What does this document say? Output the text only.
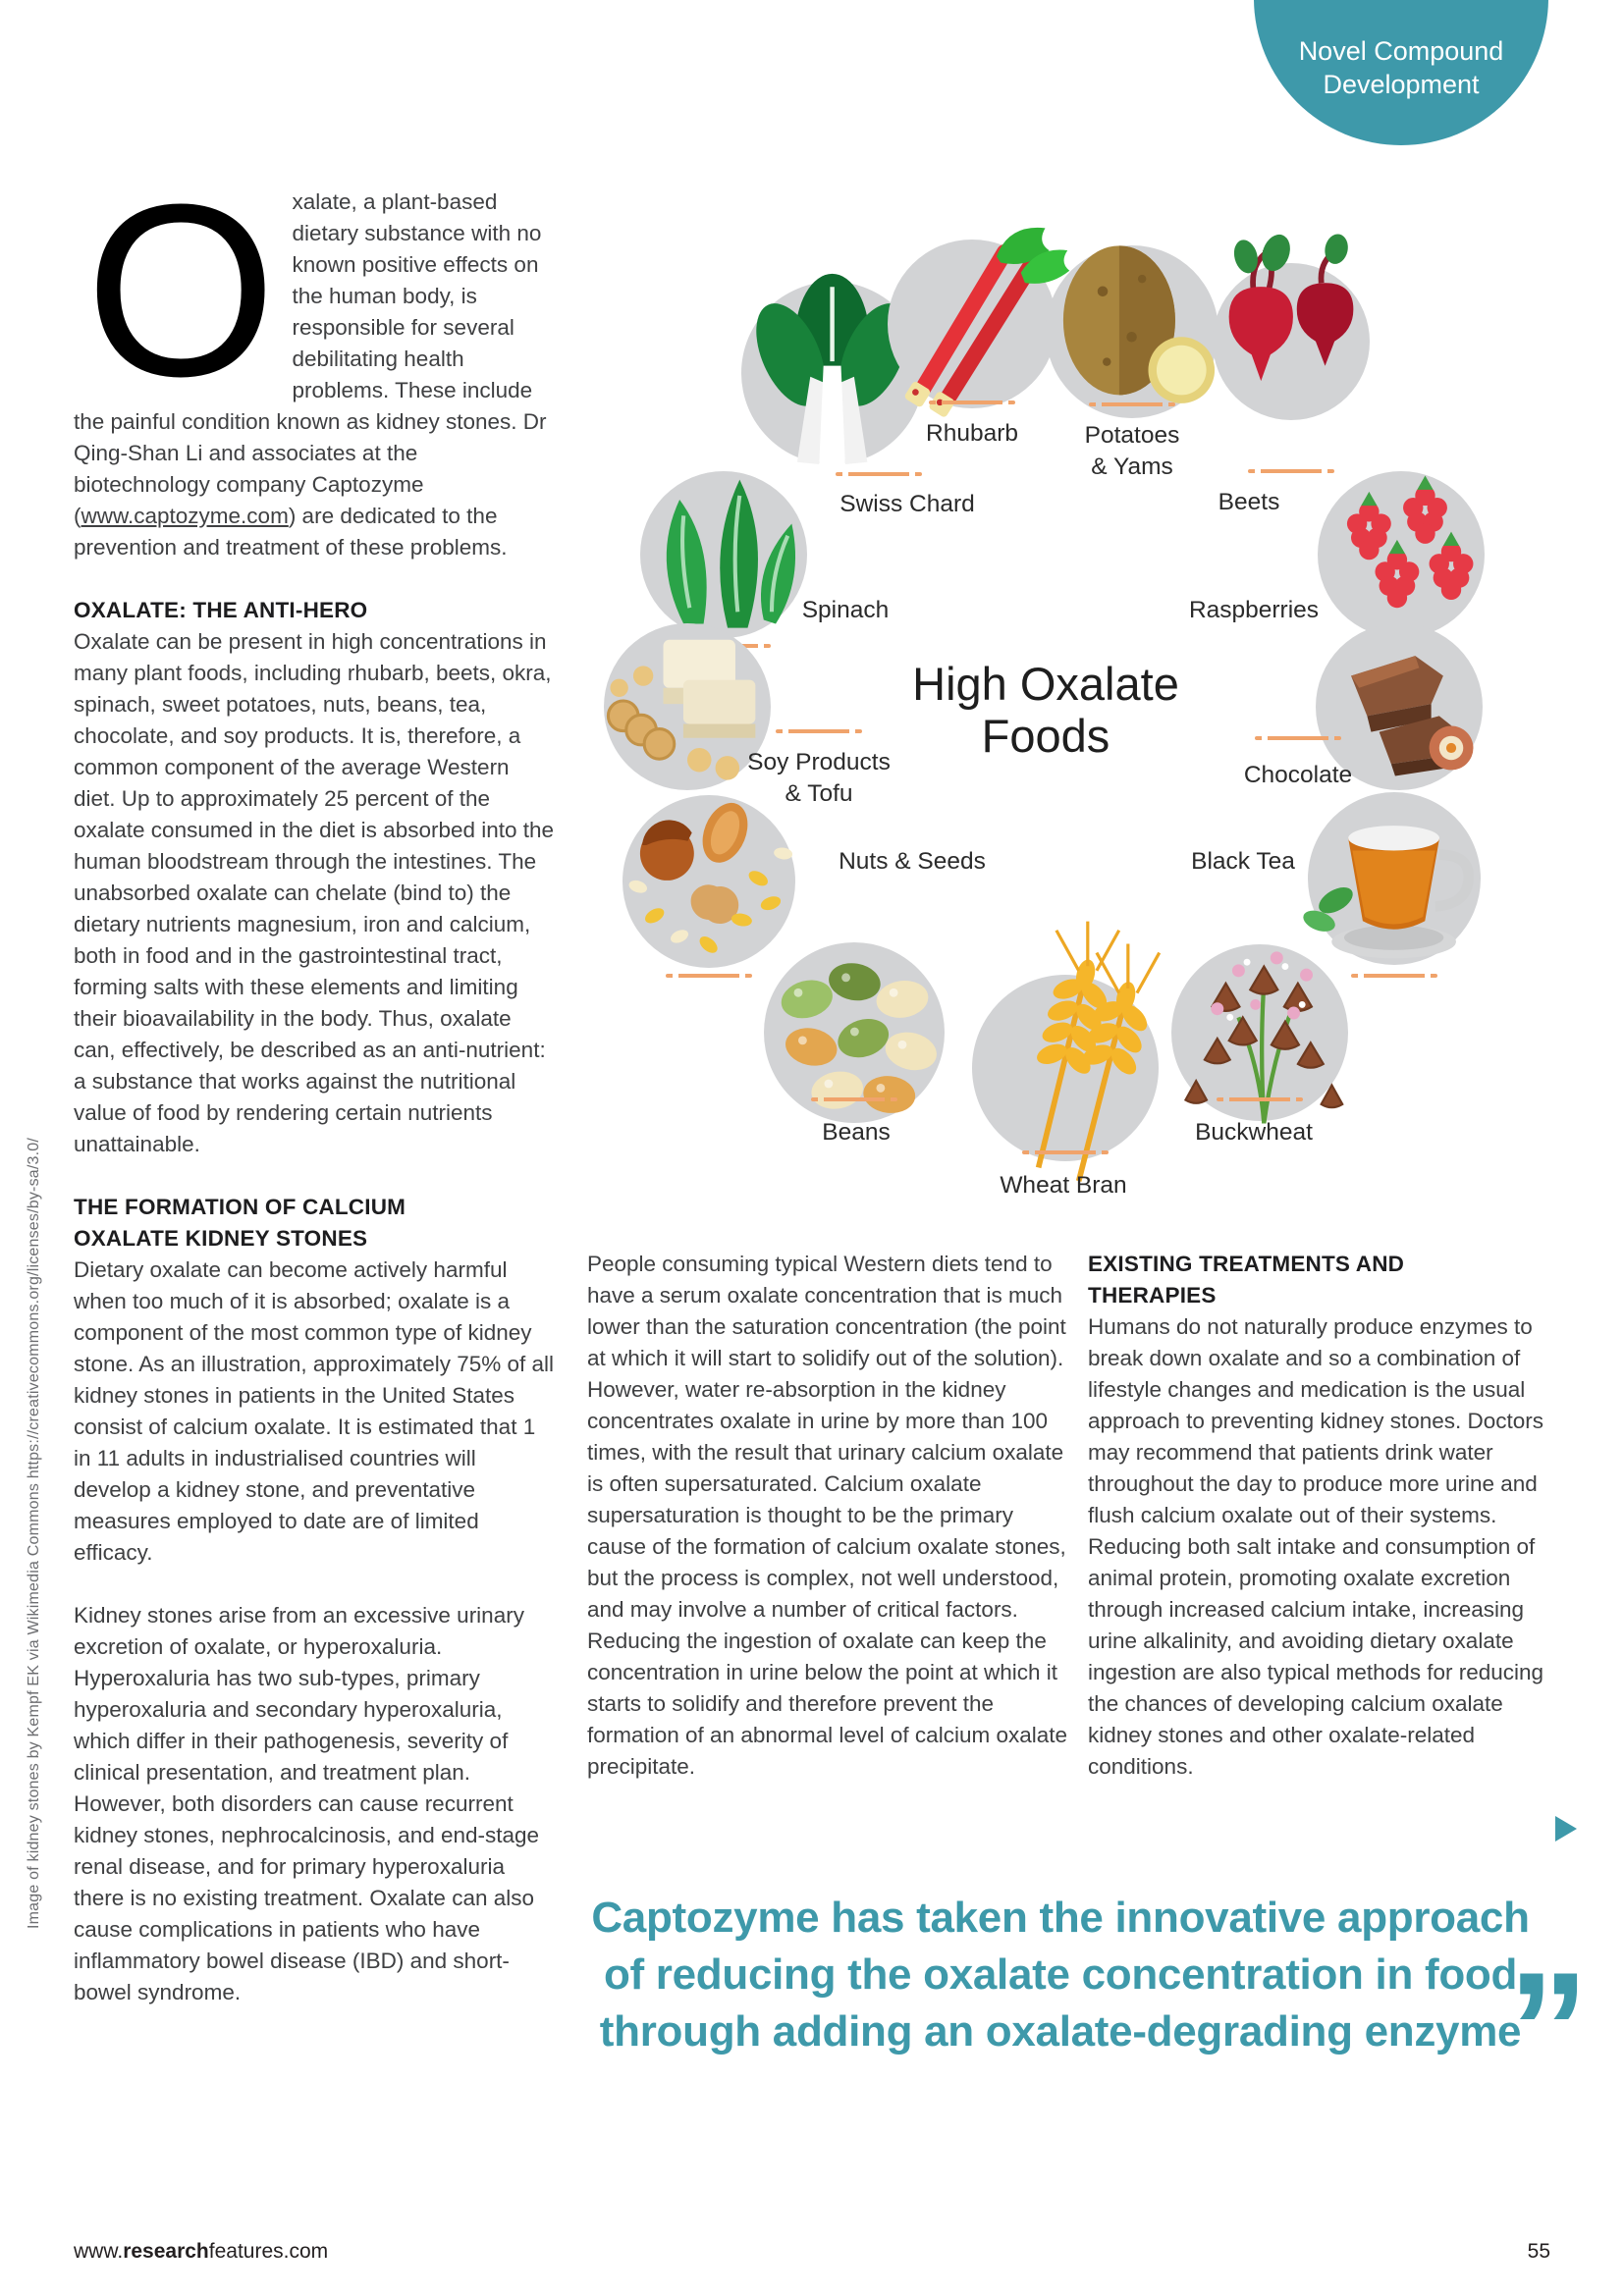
Novel Compound Development
Image of kidney stones by Kempf EK via Wikimedia Commons https://creativecommons.org/licenses/by-sa/3.0/

Oxalate, a plant-based dietary substance with no known positive effects on the human body, is responsible for several debilitating health problems. These include the painful condition known as kidney stones. Dr Qing-Shan Li and associates at the biotechnology company Captozyme (www.captozyme.com) are dedicated to the prevention and treatment of these problems.

OXALATE: THE ANTI-HERO

Oxalate can be present in high concentrations in many plant foods, including rhubarb, beets, okra, spinach, sweet potatoes, nuts, beans, tea, chocolate, and soy products. It is, therefore, a common component of the average Western diet. Up to approximately 25 percent of the oxalate consumed in the diet is absorbed into the human bloodstream through the intestines. The unabsorbed oxalate can chelate (bind to) the dietary nutrients magnesium, iron and calcium, both in food and in the gastrointestinal tract, forming salts with these elements and limiting their bioavailability in the body. Thus, oxalate can, effectively, be described as an anti-nutrient: a substance that works against the nutritional value of food by rendering certain nutrients unattainable.

THE FORMATION OF CALCIUM OXALATE KIDNEY STONES

Dietary oxalate can become actively harmful when too much of it is absorbed; oxalate is a component of the most common type of kidney stone. As an illustration, approximately 75% of all kidney stones in patients in the United States consist of calcium oxalate. It is estimated that 1 in 11 adults in industrialised countries will develop a kidney stone, and preventative measures employed to date are of limited efficacy.

Kidney stones arise from an excessive urinary excretion of oxalate, or hyperoxaluria. Hyperoxaluria has two sub-types, primary hyperoxaluria and secondary hyperoxaluria, which differ in their pathogenesis, severity of clinical presentation, and treatment plan. However, both disorders can cause recurrent kidney stones, nephrocalcinosis, and end-stage renal disease, and for primary hyperoxaluria there is no existing treatment. Oxalate can also cause complications in patients who have inflammatory bowel disease (IBD) and short-bowel syndrome.

People consuming typical Western diets tend to have a serum oxalate concentration that is much lower than the saturation concentration (the point at which it will start to solidify out of the solution). However, water re-absorption in the kidney concentrates oxalate in urine by more than 100 times, with the result that urinary calcium oxalate is often supersaturated. Calcium oxalate supersaturation is thought to be the primary cause of the formation of calcium oxalate stones, but the process is complex, not well understood, and may involve a number of critical factors. Reducing the ingestion of oxalate can keep the concentration in urine below the point at which it starts to solidify and therefore prevent the formation of an abnormal level of calcium oxalate precipitate.

EXISTING TREATMENTS AND THERAPIES

Humans do not naturally produce enzymes to break down oxalate and so a combination of lifestyle changes and medication is the usual approach to preventing kidney stones. Doctors may recommend that patients drink water throughout the day to produce more urine and flush calcium oxalate out of their systems. Reducing both salt intake and consumption of animal protein, promoting oxalate excretion through increased calcium intake, increasing urine alkalinity, and avoiding dietary oxalate ingestion are also typical methods for reducing the chances of developing calcium oxalate kidney stones and other oxalate-related conditions.

High Oxalate
Foods
Swiss Chard
Rhubarb	Potatoes
& Yams
Beets
Raspberries
Spinach
Soy Products
& Tofu
Chocolate
Nuts & Seeds	Black Tea
Beans
Wheat Bran
Buckwheat
Captozyme has taken the innovative approach of reducing the oxalate concentration in food through adding an oxalate-degrading enzyme
”
www.researchfeatures.com	55
